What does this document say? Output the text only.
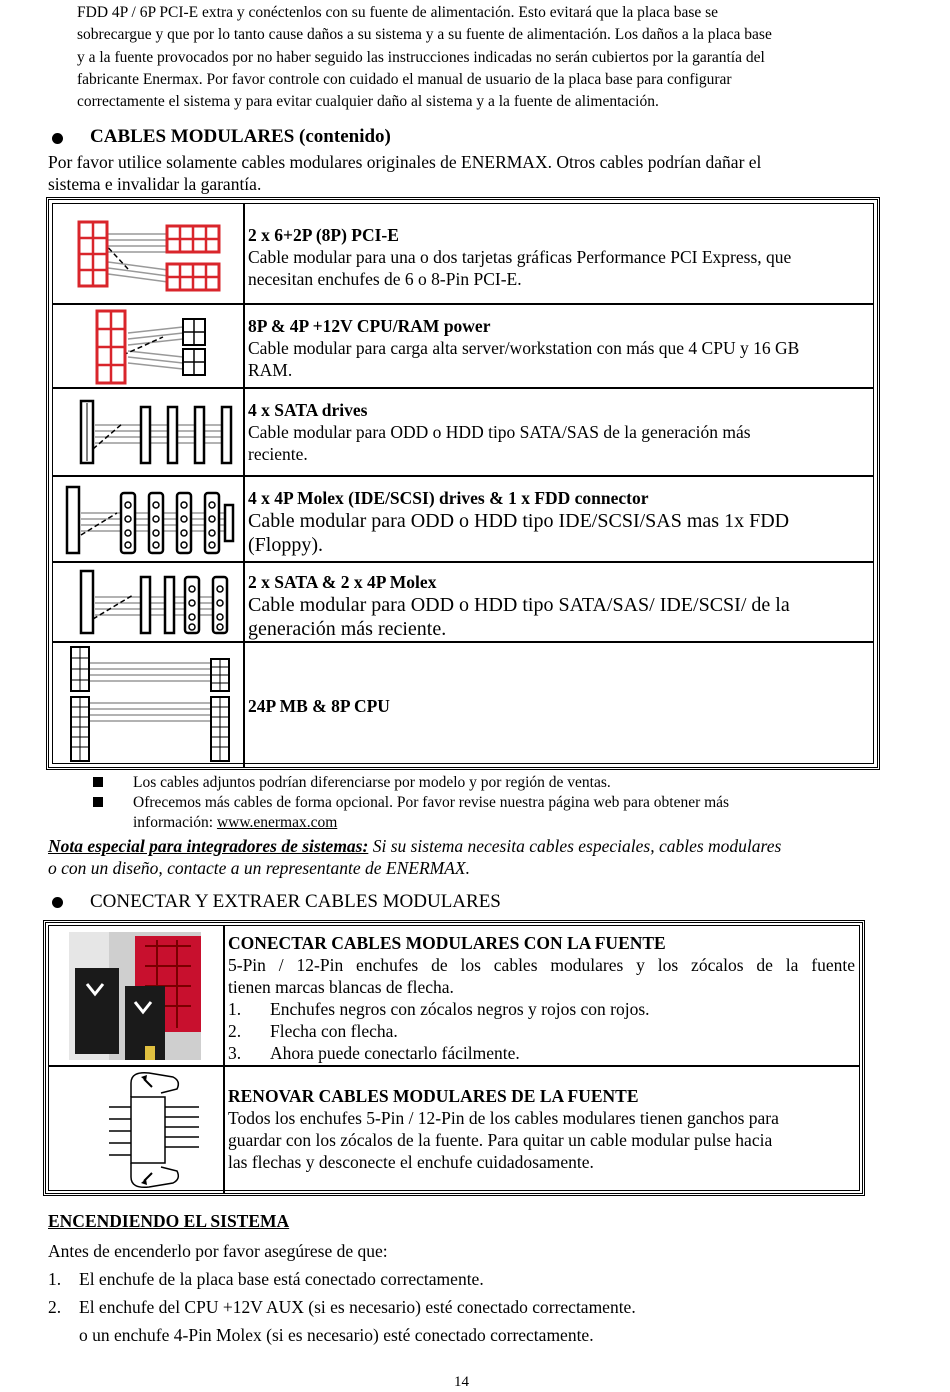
FDD 4P / 6P PCI-E extra y conéctenlos con su fuente de alimentación. Esto evitará que la placa base se
sobrecargue y que por lo tanto cause daños a su sistema y a su fuente de alimentación. Los daños a la placa base
y a la fuente provocados por no haber seguido las instrucciones indicadas no serán cubiertos por la garantía del
fabricante Enermax. Por favor controle con cuidado el manual de usuario de la placa base para configurar
correctamente el sistema y para evitar cualquier daño al sistema y a la fuente de alimentación.
CABLES MODULARES (contenido)
Por favor utilice solamente cables modulares originales de ENERMAX. Otros cables podrían dañar el
sistema e invalidar la garantía.
2 x 6+2P (8P) PCI-E
Cable modular para una o dos tarjetas gráficas Performance PCI Express, que
necesitan enchufes de 6 o 8-Pin PCI-E.
8P & 4P +12V CPU/RAM power
Cable modular para carga alta server/workstation con más que 4 CPU y 16 GB
RAM.
4 x SATA drives
Cable modular para ODD o HDD tipo SATA/SAS de la generación más
reciente.
4 x 4P Molex (IDE/SCSI) drives & 1 x FDD connector
Cable modular para ODD o HDD tipo IDE/SCSI/SAS mas 1x FDD
(Floppy).
2 x SATA & 2 x 4P Molex
Cable modular para ODD o HDD tipo SATA/SAS/ IDE/SCSI/ de la
generación más reciente.
24P MB & 8P CPU
Los cables adjuntos podrían diferenciarse por modelo y por región de ventas.
Ofrecemos más cables de forma opcional. Por favor revise nuestra página web para obtener más
información: www.enermax.com
Nota especial para integradores de sistemas: Si su sistema necesita cables especiales, cables modulares
o con un diseño, contacte a un representante de ENERMAX.
CONECTAR Y EXTRAER CABLES MODULARES
CONECTAR CABLES MODULARES CON LA FUENTE
5-Pin / 12-Pin enchufes de los cables modulares y los zócalos de la fuente
tienen marcas blancas de flecha.
1. Enchufes negros con zócalos negros y rojos con rojos.
2. Flecha con flecha.
3. Ahora puede conectarlo fácilmente.
RENOVAR CABLES MODULARES DE LA FUENTE
Todos los enchufes 5-Pin / 12-Pin de los cables modulares tienen ganchos para
guardar con los zócalos de la fuente. Para quitar un cable modular pulse hacia
las flechas y desconecte el enchufe cuidadosamente.
ENCENDIENDO EL SISTEMA
Antes de encenderlo por favor asegúrese de que:
1. El enchufe de la placa base está conectado correctamente.
2. El enchufe del CPU +12V AUX (si es necesario) esté conectado correctamente.
o un enchufe 4-Pin Molex (si es necesario) esté conectado correctamente.
14
